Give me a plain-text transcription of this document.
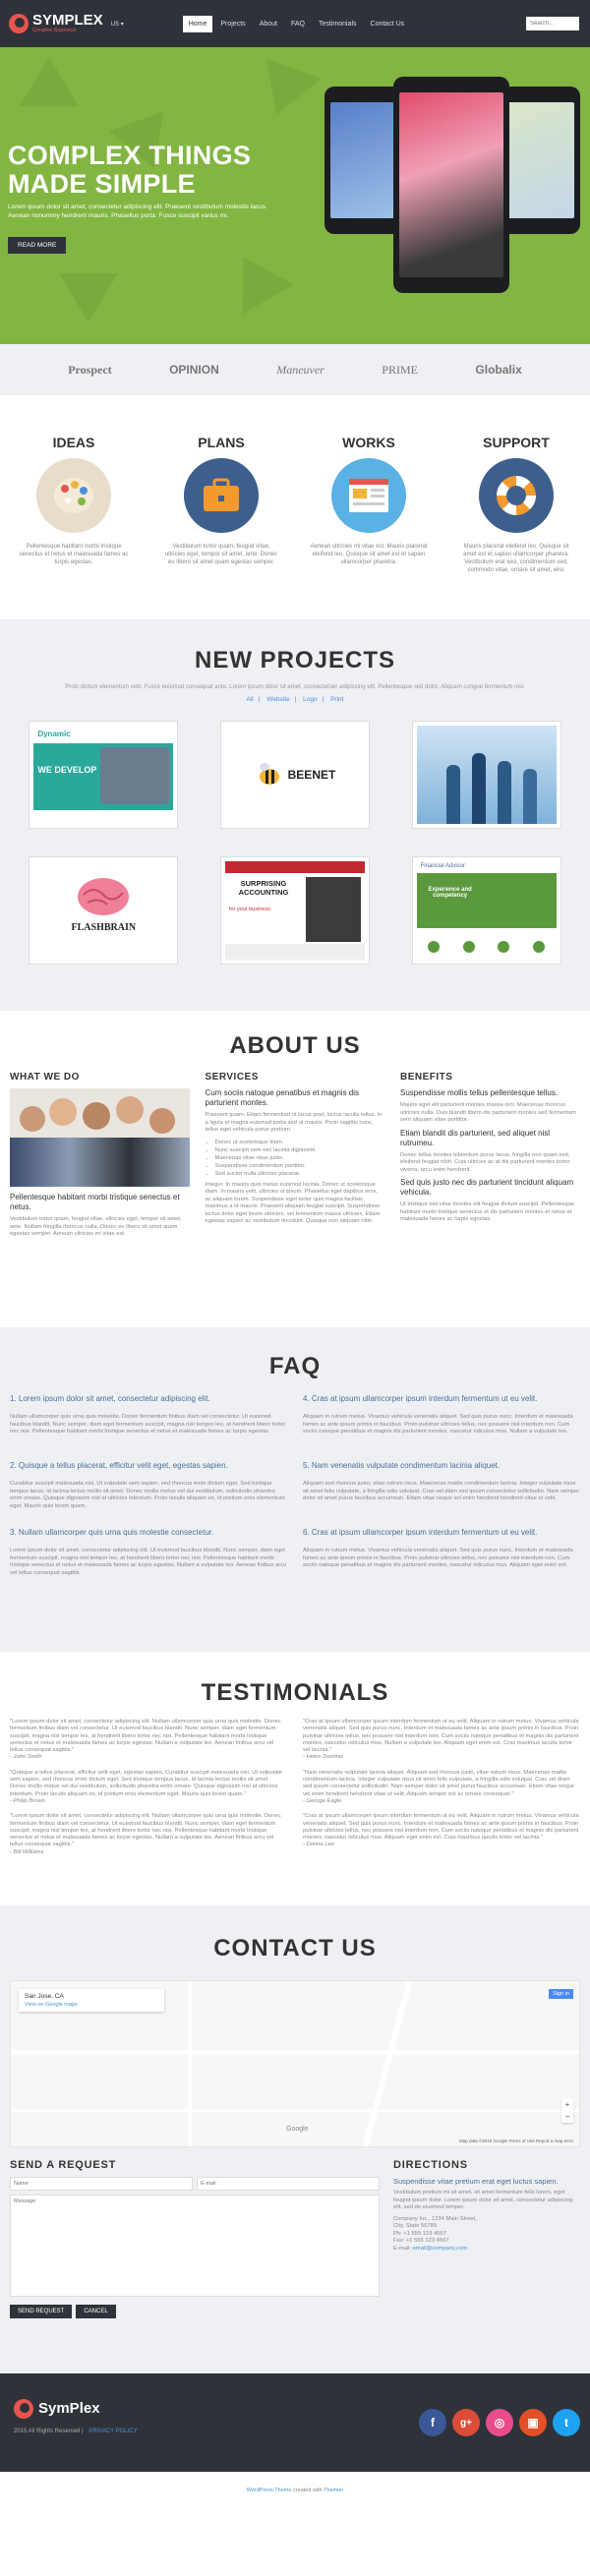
SYMPLEX
Creative Business
US ▾	Home	Projects	About	FAQ	Testimonials	Contact Us
Search...
COMPLEX THINGS
MADE SIMPLE

Lorem ipsum dolor sit amet, consectetur adipiscing elit. Praesent vestibulum molestie lacus. Aenean nonummy hendrerit mauris. Phasellus porta. Fusce suscipit varius mi.

READ MORE
Prospect	OPINION	Maneuver	PRIME	Globalix
IDEAS

Pellentesque habitant morbi tristique senectus et netus et malesuada fames ac turpis egestas.

PLANS

Vestibulum tortor quam, feugiat vitae, ultricies eget, tempor sit amet, ante. Donec eu libero sit amet quam egestas semper.

WORKS

Aenean ultricies mi vitae est. Mauris placerat eleifend leo. Quisque sit amet est et sapien ullamcorper pharetra.

SUPPORT

Mauris placerat eleifend leo. Quisque sit amet est et sapien ullamcorper pharetra. Vestibulum erat wisi, condimentum sed, commodo vitae, ornare sit amet, wisi.

NEW PROJECTS
Proin dictum elementum velit. Fusce euismod consequat ante. Lorem ipsum dolor sit amet, consectetuer adipiscing elit. Pellentesque sed dolor. Aliquam congue fermentum nisl.
All | Website | Logo | Print
Dynamic
WE DEVELOP	BEENET
FLASHBRAIN
SURPRISING ACCOUNTING
for your business
Financial Advisor
Experience and competency
ABOUT US
WHAT WE DO
Pellentesque habitant morbi tristique senectus et netus.

Vestibulum tortor quam, feugiat vitae, ultricies eget, tempor sit amet, ante. Nullam fringilla rhoncus nulla. Donec eu libero sit amet quam egestas semper. Aenean ultricies mi vitae est.

SERVICES
Cum sociis natoque penatibus et magnis dis parturient montes.

Praesent quam. Etiam fermentum ut lacus post, luctus iaculis tellus. In a ligula et magna euismod porta sed ut mauris. Proin sagittis nunc, tellus eget vehicula purus pretium.

• Donec ut scelerisque diam.
• Nunc suscipit sem nec lacinia dignissim.
• Maecenas vitae risus justo.
• Suspendisse condimentum porttitor.
• Sed auctor nulla ultricies placerat.

Integer. In mauris quis metus euismod lacinia. Donec ut scelerisque diam. In mauris velit, ultricies ut ipsum. Phasellus eget dapibus eros, ac aliquam lorem. Suspendisse eget tortor quis magna facilisis maximus a id mauris. Praesent aliquam feugiat suscipit. Suspendisse luctus dolor eget lorem ultricies, vel fermentum massa ultricies. Etiam egestas sapien ac vestibulum tincidunt. Quisque non aliquam nibh.

BENEFITS
Suspendisse mollis tellus pellentesque tellus.

Mauris eget elit parturient montes massa orci. Maecenas rhoncus ultricies nulla. Duis blandit libero dis parturient montes sed fermentum sem aliquam vitae porttitor.

Etiam blandit dis parturient, sed aliquet nisl rutrumeu.

Donec tellus montes bibendum purus lacus, fringilla non quam sed, eleifend feugiat nibh. Cras ultrices ac at dis parturient montes tortor viverra, arcu enim hendrerit.

Sed quis justo nec dis parturient tincidunt aliquam vehicula.

Ut tristique nisl vitae montes elit feugiat dictum suscipit. Pellentesque habitant morbi tristique senectus et dis parturient montes et netus et malesuada fames ac turpis egestas.

FAQ
1. Lorem ipsum dolor sit amet, consectetur adipiscing elit.
Nullam ullamcorper quis urna quis molestie. Donec fermentum finibus diam vel consectetur. Ut euismod faucibus blandit. Nunc semper, diam eget fermentum suscipit, magna nisl tempor leo, at hendrerit libero tortor nec nisi. Pellentesque habitant morbi tristique senectus et netus et malesuada fames ac turpis egestas.
4. Cras at ipsum ullamcorper ipsum interdum fermentum ut eu velit.
Aliquam in rutrum metus. Vivamus vehicula venenatis aliquet. Sed quis purus nunc. Interdum et malesuada fames ac ante ipsum primis in faucibus. Proin pulvinar ultricies tellus, nec posuere nisl interdum non. Cum sociis natoque penatibus et magnis dis parturient montes, nascetur ridiculus mus. Nullam a vulputate leo.
2. Quisque a tellus placerat, efficitur velit eget, egestas sapien.
Curabitur suscipit malesuada nisi. Ut vulputate sem sapien, sed rhoncus enim dictum eget. Sed tristique tempus lacus, id lacinia lectus mollis sit amet. Donec mollis metus vel dui vestibulum, sollicitudin pharetra enim ornare. Quisque dignissim nisl at ultricies interdum. Proin iaculis aliquam ex, id pretium eros elementum eget. Mauris quis lorem quam.
5. Nam venenatis vulputate condimentum lacinia aliquet.
Aliquam sed rhoncus justo, vitae rutrum risus. Maecenas mattis condimentum lacinia. Integer vulputate risus sit amet felis vulputate, a fringilla odio volutpat. Cras vel diam sed ipsum consectetur sollicitudin. Nam semper dolor sit amet purus faucibus accumsan. Etiam vitae neque vel enim hendrerit hendrerit vitae ut velit.
3. Nullam ullamcorper quis urna quis molestie consectetur.
Lorem ipsum dolor sit amet, consectetur adipiscing elit. Ut euismod faucibus blandit. Nunc semper, diam eget fermentum suscipit, magna nisl tempor leo, at hendrerit libero tortor nec nisi. Pellentesque habitant morbi tristique senectus et netus et malesuada fames ac turpis egestas. Nullam a vulputate leo. Aenean finibus arcu vel tellus consequat sagittis.
6. Cras at ipsum ullamcorper ipsum interdum fermentum ut eu velit.
Aliquam in rutrum metus. Vivamus vehicula venenatis aliquet. Sed quis purus nunc. Interdum et malesuada fames ac ante ipsum primis in faucibus. Proin pulvinar ultricies tellus, nec posuere nisl interdum non. Cum sociis natoque penatibus et magnis dis parturient montes, nascetur ridiculus mus. Aliquam eget enim est.
TESTIMONIALS
"Lorem ipsum dolor sit amet, consectetur adipiscing elit. Nullam ullamcorper quis urna quis molestie. Donec fermentum finibus diam vel consectetur. Ut euismod faucibus blandit. Nunc semper, diam eget fermentum suscipit, magna nisl tempor leo, at hendrerit libero tortor nec nisi. Pellentesque habitant morbi tristique senectus et netus et malesuada fames ac turpis egestas. Nullam a vulputate leo. Aenean finibus arcu vel tellus consequat sagittis."
- John Smith
"Quisque a tellus placerat, efficitur velit eget, egestas sapien. Curabitur suscipit malesuada nisi. Ut vulputate sem sapien, sed rhoncus enim dictum eget. Sed tristique tempus lacus, id lacinia lectus mollis sit amet. Donec mollis metus vel dui vestibulum, sollicitudin pharetra enim ornare. Quisque dignissim nisl at ultricies interdum. Proin iaculis aliquam ex, id pretium eros elementum eget. Mauris quis lorem quam."
- Philip Brown
"Lorem ipsum dolor sit amet, consectetur adipiscing elit. Nullam ullamcorper quis urna quis molestie. Donec fermentum finibus diam vel consectetur. Ut euismod faucibus blandit. Nunc semper, diam eget fermentum suscipit, magna nisl tempor leo, at hendrerit libero tortor nec nisi. Pellentesque habitant morbi tristique senectus et netus et malesuada fames ac turpis egestas. Nullam a vulputate leo. Aenean finibus arcu vel tellus consequat sagittis."
- Bill Williams
"Cras at ipsum ullamcorper ipsum interdum fermentum ut eu velit. Aliquam in rutrum metus. Vivamus vehicula venenatis aliquet. Sed quis purus nunc. Interdum et malesuada fames ac ante ipsum primis in faucibus. Proin pulvinar ultricies tellus, nec posuere nisl interdum non. Cum sociis natoque penatibus et magnis dis parturient montes, nascetur ridiculus mus. Nullam a vulputate leo. Aliquam eget enim est. Cras maximus iaculis tortor vel lacinia."
- Helen Dominic
"Nam venenatis vulputate lacinia aliquet. Aliquam sed rhoncus justo, vitae rutrum risus. Maecenas mattis condimentum lacinia. Integer vulputate risus sit amet felis vulputate, a fringilla odio volutpat. Cras vel diam sed ipsum consectetur sollicitudin. Nam semper dolor sit amet purus faucibus accumsan. Etiam vitae neque vel enim hendrerit hendrerit vitae ut velit. Aliquam tempor est ac ornare consequat."
- George Eagle
"Cras at ipsum ullamcorper ipsum interdum fermentum ut eu velit. Aliquam in rutrum metus. Vivamus vehicula venenatis aliquet. Sed quis purus nunc. Interdum et malesuada fames ac ante ipsum primis in faucibus. Proin pulvinar ultricies tellus, nec posuere nisl interdum non. Cum sociis natoque penatibus et magnis dis parturient montes, nascetur ridiculus mus. Aliquam eget enim est. Cras maximus iaculis tortor vel lacinia."
- Donna Lee
CONTACT US
San Jose, CA
View on Google maps
Sign in
+
−
Google
Map data ©2015 Google Terms of Use Report a map error
SEND A REQUEST
Name
E-mail
Message
SEND REQUEST	CANCEL
DIRECTIONS
Suspendisse vitae pretium erat eget luctus sapien.

Vestibulum pretium mi sit amet, sit amet fermentum felis lorem, eget feugiat ipsum dolor. Lorem ipsum dolor sit amet, consectetur adipiscing elit, sed do eiusmod tempor.

Company Inc., 1234 Main Street,
City, State 56789
Ph: +1 555 123 4567
Fax: +1 555 123 4567
E-mail: email@company.com

SymPlex
2015 All Rights Reserved | PRIVACY POLICY
f	g+	◎	▣	t
WordPress Theme created with Themler
